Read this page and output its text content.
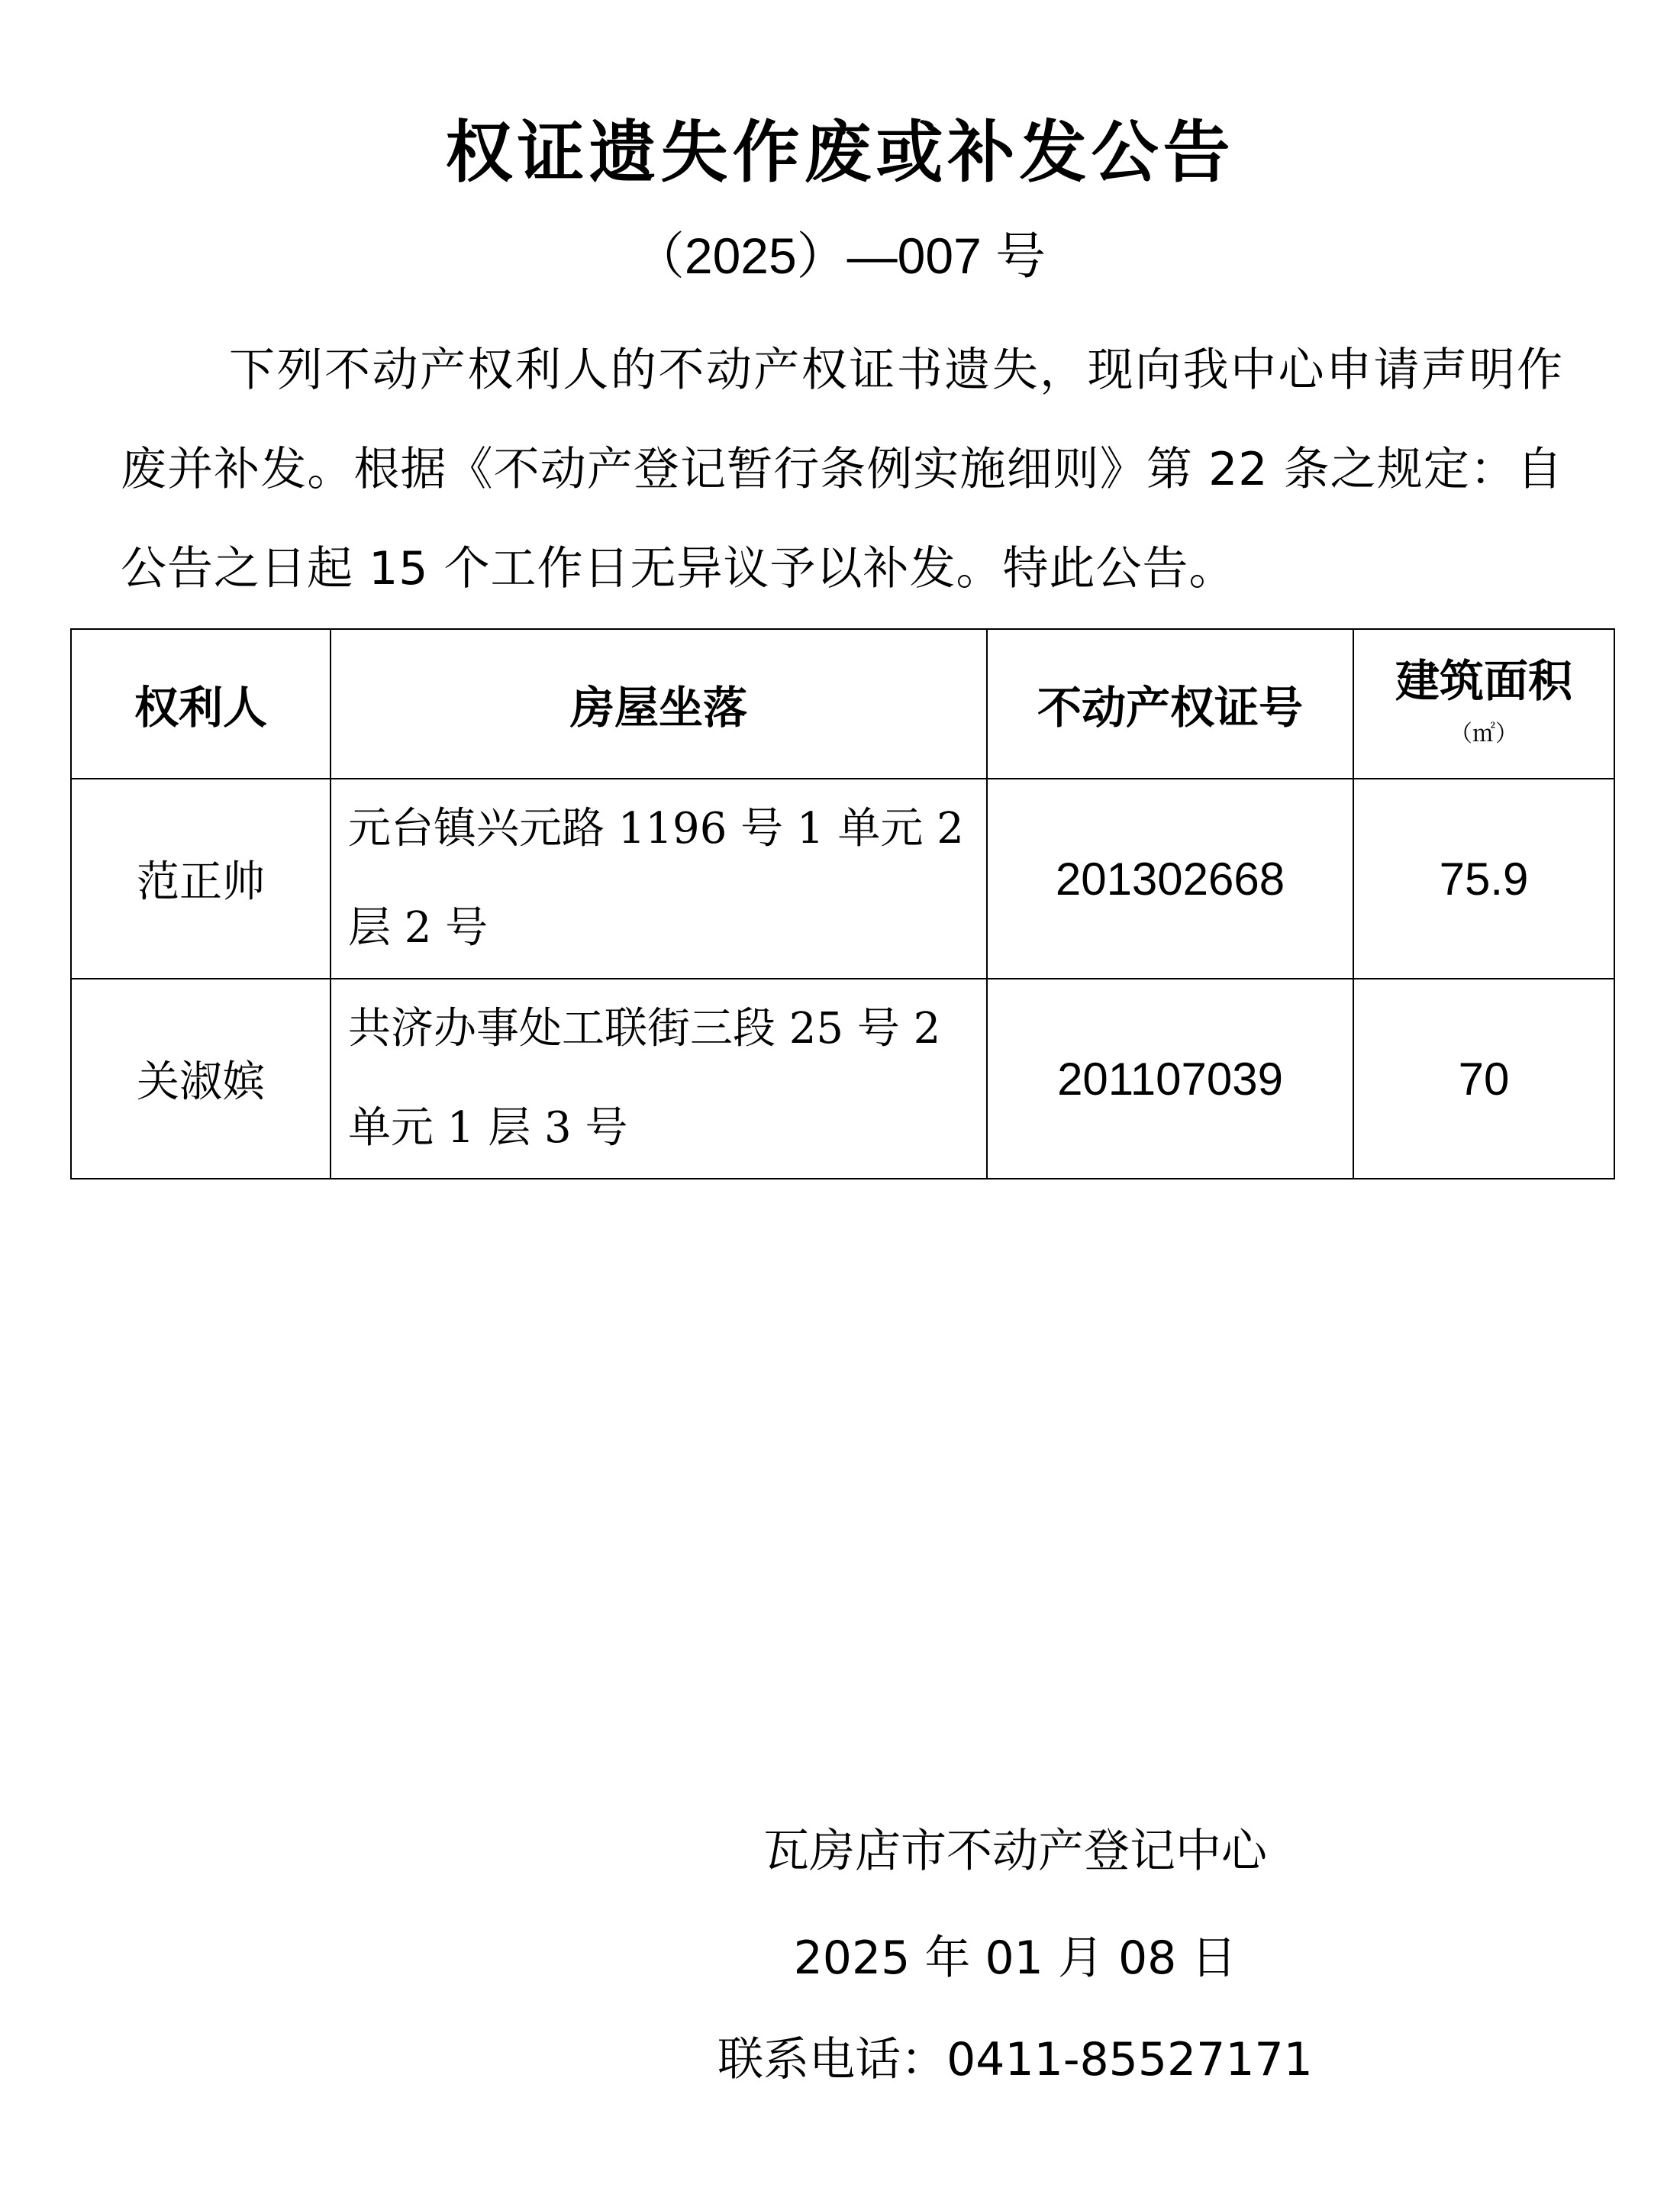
权证遗失作废或补发公告
（2025）—007 号
下列不动产权利人的不动产权证书遗失，现向我中心申请声明作废并补发。根据《不动产登记暂行条例实施细则》第 22 条之规定：自公告之日起 15 个工作日无异议予以补发。特此公告。
权利人	房屋坐落	不动产权证号	建筑面积
（㎡）

范正帅	元台镇兴元路 1196 号 1 单元 2 层 2 号	201302668	75.9
关淑嫔	共济办事处工联街三段 25 号 2 单元 1 层 3 号	201107039	70
瓦房店市不动产登记中心
2025 年 01 月 08 日
联系电话：0411-85527171
